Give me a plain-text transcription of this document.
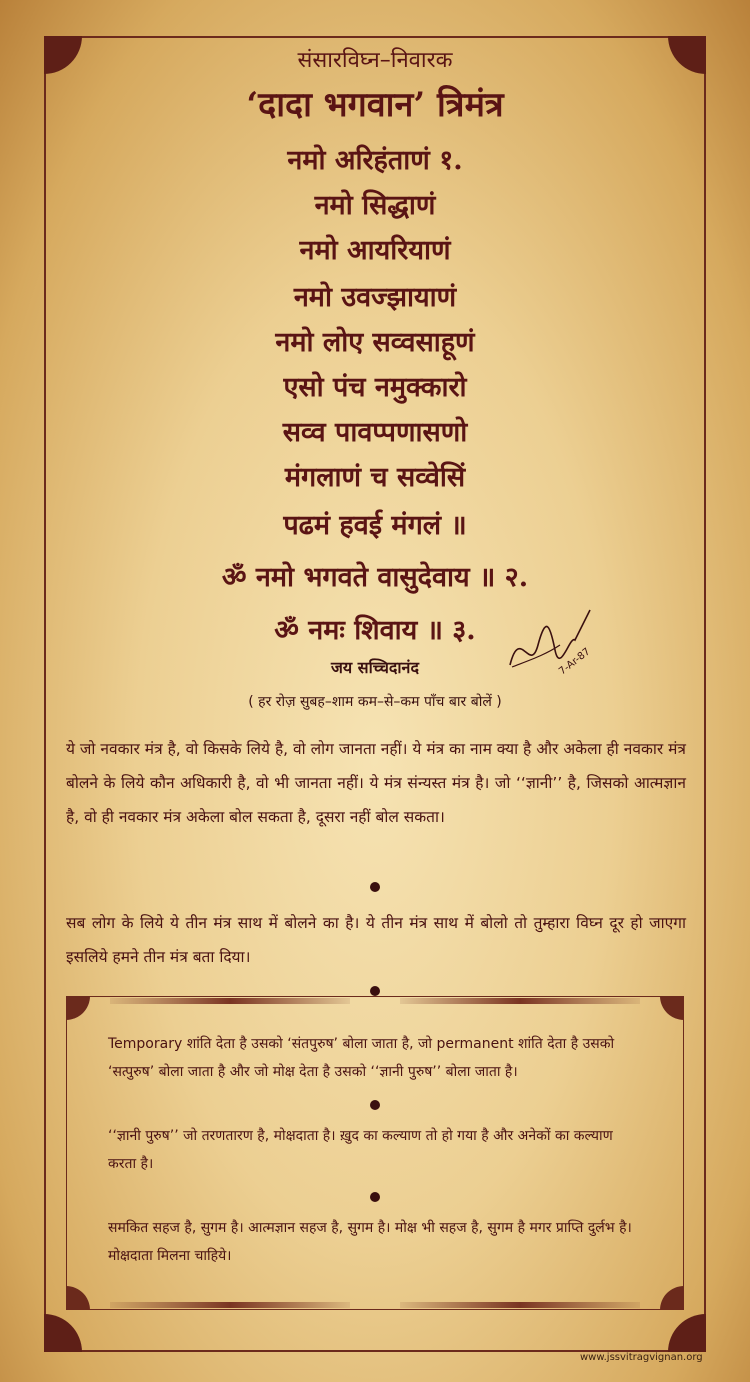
संसारविघ्न–निवारक
‘दादा भगवान’ त्रिमंत्र
नमो अरिहंताणं १.
नमो सिद्धाणं
नमो आयरियाणं
नमो उवज्झायाणं
नमो लोए सव्वसाहूणं
एसो पंच नमुक्कारो
सव्व पावप्पणासणो
मंगलाणं च सव्वेसिं
पढमं हवई मंगलं ॥
ॐ नमो भगवते वासुदेवाय ॥ २.
ॐ नमः शिवाय ॥ ३.
7-Ar-87
जय सच्चिदानंद
( हर रोज़ सुबह–शाम कम–से–कम पाँच बार बोलें )
ये जो नवकार मंत्र है, वो किसके लिये है, वो लोग जानता नहीं। ये मंत्र का नाम क्या है और अकेला ही नवकार मंत्र बोलने के लिये कौन अधिकारी है, वो भी जानता नहीं। ये मंत्र संन्यस्त मंत्र है। जो ‘‘ज्ञानी’’ है, जिसको आत्मज्ञान है, वो ही नवकार मंत्र अकेला बोल सकता है, दूसरा नहीं बोल सकता।
सब लोग के लिये ये तीन मंत्र साथ में बोलने का है। ये तीन मंत्र साथ में बोलो तो तुम्हारा विघ्न दूर हो जाएगा इसलिये हमने तीन मंत्र बता दिया।
Temporary शांति देता है उसको ‘संतपुरुष’ बोला जाता है, जो permanent शांति देता है उसको ‘सत्पुरुष’ बोला जाता है और जो मोक्ष देता है उसको ‘‘ज्ञानी पुरुष’’ बोला जाता है।
‘‘ज्ञानी पुरुष’’ जो तरणतारण है, मोक्षदाता है। ख़ुद का कल्याण तो हो गया है और अनेकों का कल्याण करता है।
समकित सहज है, सुगम है। आत्मज्ञान सहज है, सुगम है। मोक्ष भी सहज है, सुगम है मगर प्राप्ति दुर्लभ है। मोक्षदाता मिलना चाहिये।
www.jssvitragvignan.org
